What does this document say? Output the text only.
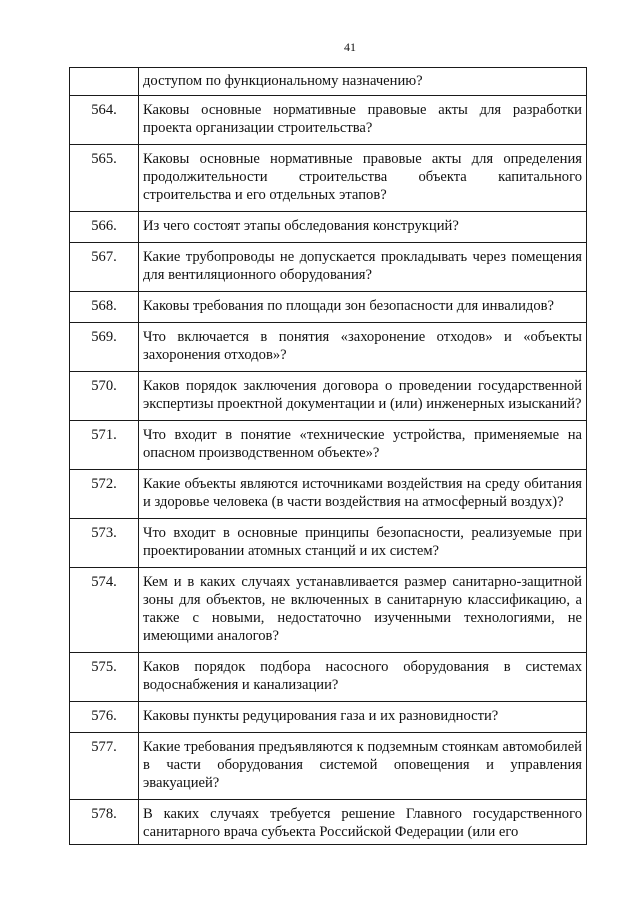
41
	доступом по функциональному назначению?
564.	Каковы основные нормативные правовые акты для разработки проекта организации строительства?
565.	Каковы основные нормативные правовые акты для определения продолжительности строительства объекта капитального строительства и его отдельных этапов?
566.	Из чего состоят этапы обследования конструкций?
567.	Какие трубопроводы не допускается прокладывать через помещения для вентиляционного оборудования?
568.	Каковы требования по площади зон безопасности для инвалидов?
569.	Что включается в понятия «захоронение отходов» и «объекты захоронения отходов»?
570.	Каков порядок заключения договора о проведении государственной экспертизы проектной документации и (или) инженерных изысканий?
571.	Что входит в понятие «технические устройства, применяемые на опасном производственном объекте»?
572.	Какие объекты являются источниками воздействия на среду обитания и здоровье человека (в части воздействия на атмосферный воздух)?
573.	Что входит в основные принципы безопасности, реализуемые при проектировании атомных станций и их систем?
574.	Кем и в каких случаях устанавливается размер санитарно-защитной зоны для объектов, не включенных в санитарную классификацию, а также с новыми, недостаточно изученными технологиями, не имеющими аналогов?
575.	Каков порядок подбора насосного оборудования в системах водоснабжения и канализации?
576.	Каковы пункты редуцирования газа и их разновидности?
577.	Какие требования предъявляются к подземным стоянкам автомобилей в части оборудования системой оповещения и управления эвакуацией?
578.	В каких случаях требуется решение Главного государственного санитарного врача субъекта Российской Федерации (или его
